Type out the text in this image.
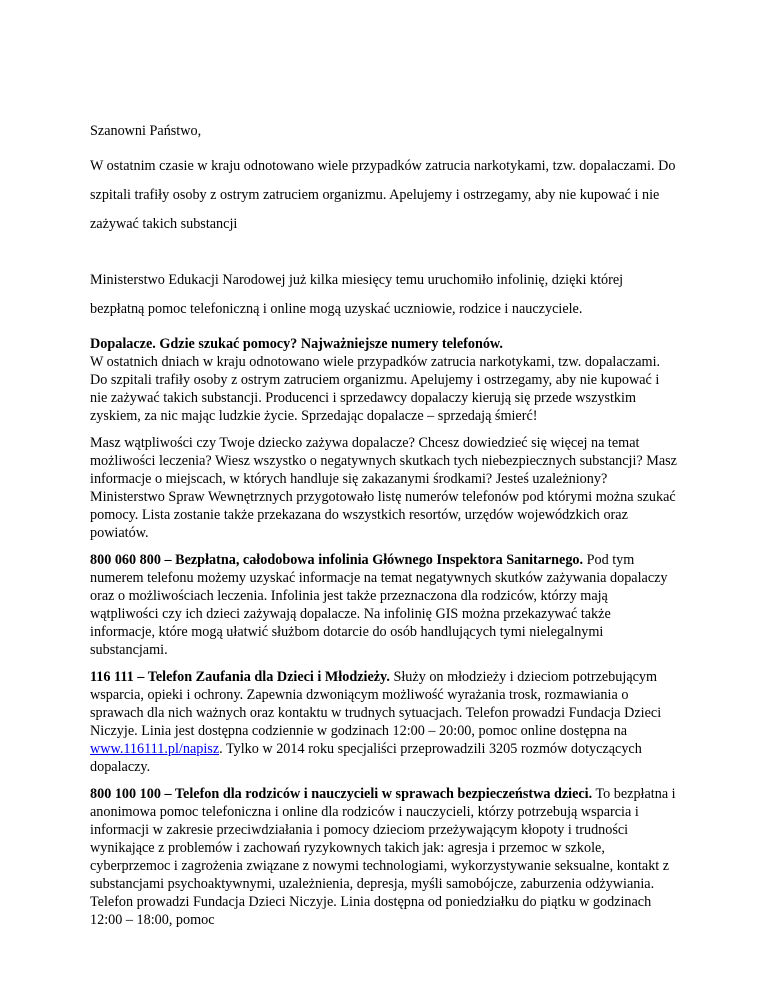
Szanowni Państwo,

W ostatnim czasie w kraju odnotowano wiele przypadków zatrucia narkotykami, tzw. dopalaczami. Do szpitali trafiły osoby z ostrym zatruciem organizmu. Apelujemy i ostrzegamy, aby nie kupować i nie zażywać takich substancji

Ministerstwo Edukacji Narodowej już kilka miesięcy temu uruchomiło infolinię, dzięki której bezpłatną pomoc telefoniczną i online mogą uzyskać uczniowie, rodzice i nauczyciele.

Dopalacze. Gdzie szukać pomocy? Najważniejsze numery telefonów.
W ostatnich dniach w kraju odnotowano wiele przypadków zatrucia narkotykami, tzw. dopalaczami. Do szpitali trafiły osoby z ostrym zatruciem organizmu. Apelujemy i ostrzegamy, aby nie kupować i nie zażywać takich substancji. Producenci i sprzedawcy dopalaczy kierują się przede wszystkim zyskiem, za nic mając ludzkie życie. Sprzedając dopalacze – sprzedają śmierć!

Masz wątpliwości czy Twoje dziecko zażywa dopalacze? Chcesz dowiedzieć się więcej na temat możliwości leczenia? Wiesz wszystko o negatywnych skutkach tych niebezpiecznych substancji? Masz informacje o miejscach, w których handluje się zakazanymi środkami? Jesteś uzależniony? Ministerstwo Spraw Wewnętrznych przygotowało listę numerów telefonów pod którymi można szukać pomocy. Lista zostanie także przekazana do wszystkich resortów, urzędów wojewódzkich oraz powiatów.

800 060 800 – Bezpłatna, całodobowa infolinia Głównego Inspektora Sanitarnego. Pod tym numerem telefonu możemy uzyskać informacje na temat negatywnych skutków zażywania dopalaczy oraz o możliwościach leczenia. Infolinia jest także przeznaczona dla rodziców, którzy mają wątpliwości czy ich dzieci zażywają dopalacze. Na infolinię GIS można przekazywać także informacje, które mogą ułatwić służbom dotarcie do osób handlujących tymi nielegalnymi substancjami.

116 111 – Telefon Zaufania dla Dzieci i Młodzieży. Służy on młodzieży i dzieciom potrzebującym wsparcia, opieki i ochrony. Zapewnia dzwoniącym możliwość wyrażania trosk, rozmawiania o sprawach dla nich ważnych oraz kontaktu w trudnych sytuacjach. Telefon prowadzi Fundacja Dzieci Niczyje. Linia jest dostępna codziennie w godzinach 12:00 – 20:00, pomoc online dostępna na www.116111.pl/napisz. Tylko w 2014 roku specjaliści przeprowadzili 3205 rozmów dotyczących dopalaczy.

800 100 100 – Telefon dla rodziców i nauczycieli w sprawach bezpieczeństwa dzieci. To bezpłatna i anonimowa pomoc telefoniczna i online dla rodziców i nauczycieli, którzy potrzebują wsparcia i informacji w zakresie przeciwdziałania i pomocy dzieciom przeżywającym kłopoty i trudności wynikające z problemów i zachowań ryzykownych takich jak: agresja i przemoc w szkole, cyberprzemoc i zagrożenia związane z nowymi technologiami, wykorzystywanie seksualne, kontakt z substancjami psychoaktywnymi, uzależnienia, depresja, myśli samobójcze, zaburzenia odżywiania. Telefon prowadzi Fundacja Dzieci Niczyje. Linia dostępna od poniedziałku do piątku w godzinach 12:00 – 18:00, pomoc
